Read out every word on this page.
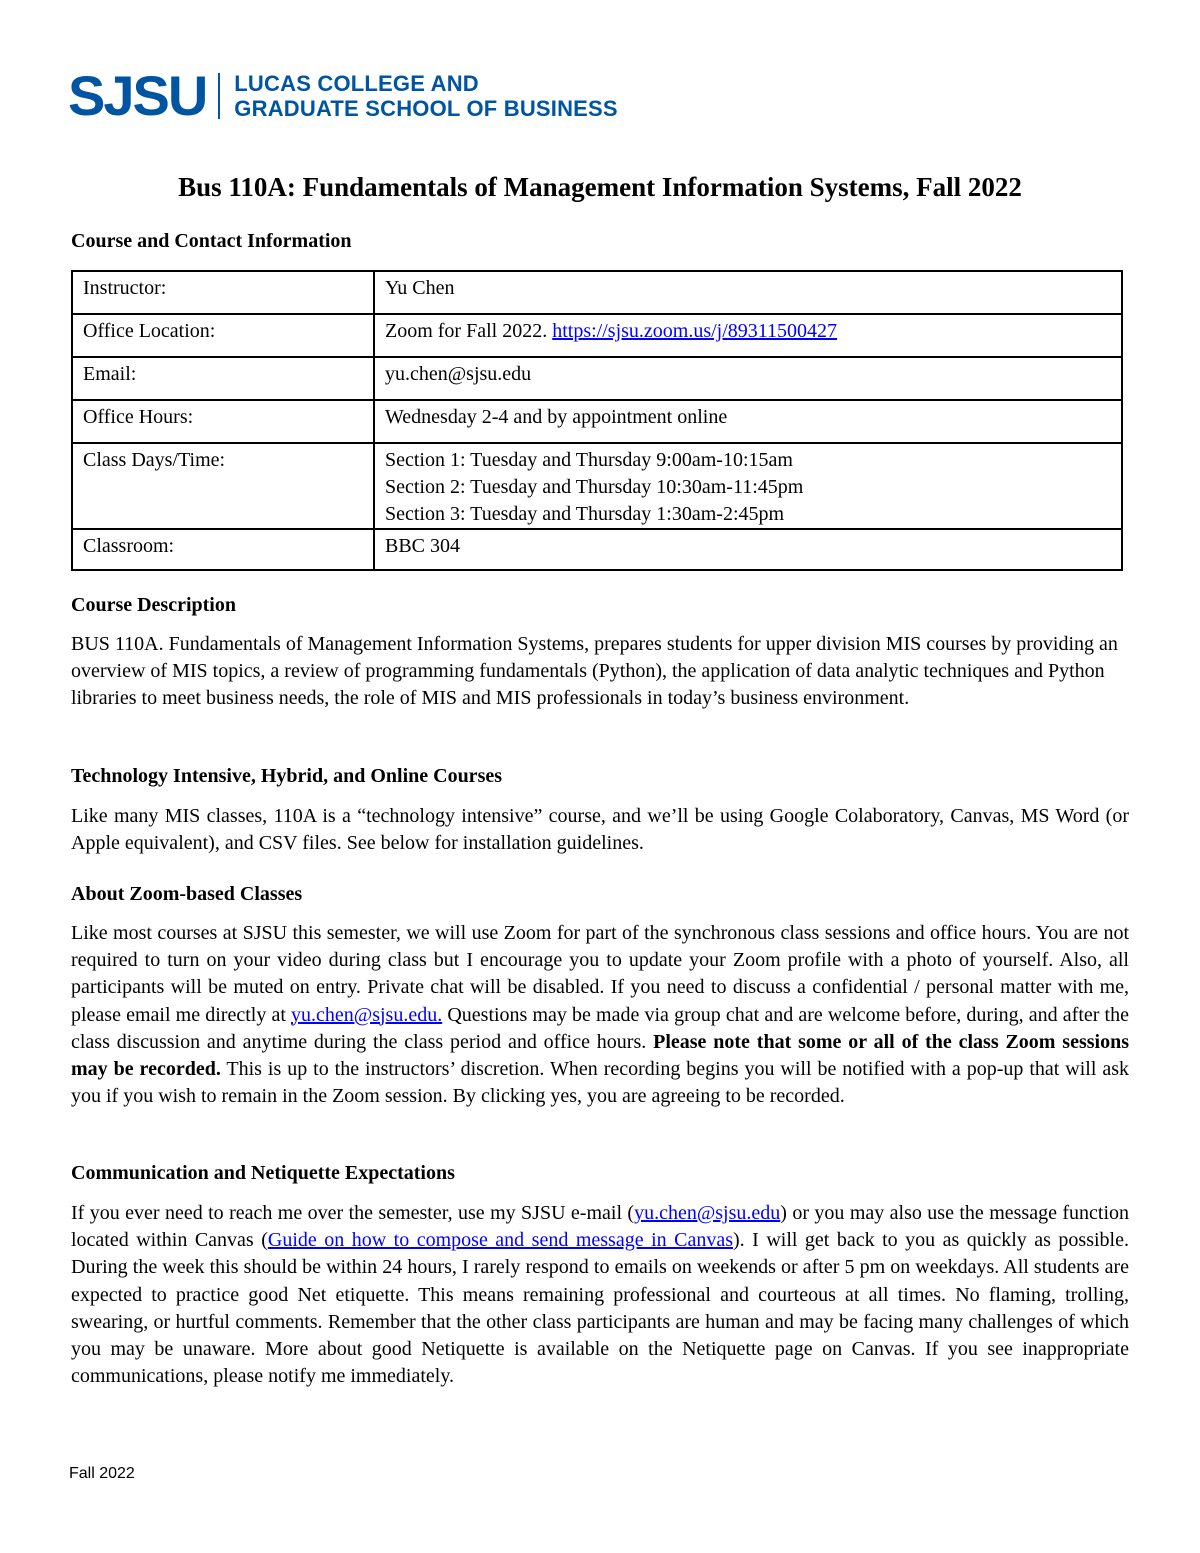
SJSU LUCAS COLLEGE AND
GRADUATE SCHOOL OF BUSINESS
Bus 110A: Fundamentals of Management Information Systems, Fall 2022
Course and Contact Information
Instructor:	Yu Chen
Office Location:	Zoom for Fall 2022. https://sjsu.zoom.us/j/89311500427
Email:	yu.chen@sjsu.edu
Office Hours:	Wednesday 2-4 and by appointment online
Class Days/Time:	Section 1: Tuesday and Thursday 9:00am-10:15am
Section 2: Tuesday and Thursday 10:30am-11:45pm
Section 3: Tuesday and Thursday 1:30am-2:45pm

Classroom:	BBC 304
Course Description
BUS 110A. Fundamentals of Management Information Systems, prepares students for upper division MIS courses by providing an overview of MIS topics, a review of programming fundamentals (Python), the application of data analytic techniques and Python libraries to meet business needs, the role of MIS and MIS professionals in today’s business environment.
Technology Intensive, Hybrid, and Online Courses
Like many MIS classes, 110A is a “technology intensive” course, and we’ll be using Google Colaboratory, Canvas, MS Word (or Apple equivalent), and CSV files. See below for installation guidelines.
About Zoom-based Classes
Like most courses at SJSU this semester, we will use Zoom for part of the synchronous class sessions and office hours. You are not required to turn on your video during class but I encourage you to update your Zoom profile with a photo of yourself. Also, all participants will be muted on entry. Private chat will be disabled. If you need to discuss a confidential / personal matter with me, please email me directly at yu.chen@sjsu.edu. Questions may be made via group chat and are welcome before, during, and after the class discussion and anytime during the class period and office hours. Please note that some or all of the class Zoom sessions may be recorded. This is up to the instructors’ discretion. When recording begins you will be notified with a pop-up that will ask you if you wish to remain in the Zoom session. By clicking yes, you are agreeing to be recorded.
Communication and Netiquette Expectations
If you ever need to reach me over the semester, use my SJSU e-mail (yu.chen@sjsu.edu) or you may also use the message function located within Canvas (Guide on how to compose and send message in Canvas). I will get back to you as quickly as possible. During the week this should be within 24 hours, I rarely respond to emails on weekends or after 5 pm on weekdays. All students are expected to practice good Net etiquette. This means remaining professional and courteous at all times. No flaming, trolling, swearing, or hurtful comments. Remember that the other class participants are human and may be facing many challenges of which you may be unaware. More about good Netiquette is available on the Netiquette page on Canvas. If you see inappropriate communications, please notify me immediately.
Fall 2022
